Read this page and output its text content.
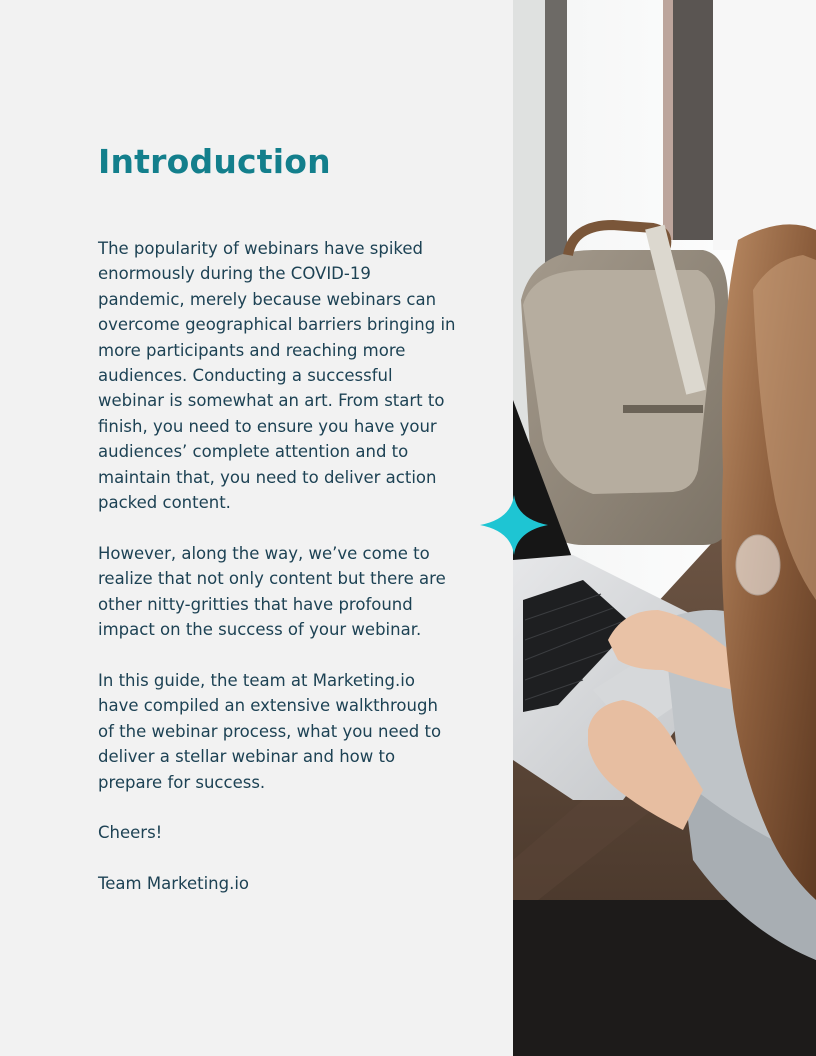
Introduction

The popularity of webinars have spiked enormously during the COVID-19 pandemic, merely because webinars can overcome geographical barriers bringing in more participants and reaching more audiences. Conducting a successful webinar is somewhat an art. From start to finish, you need to ensure you have your audiences’ complete attention and to maintain that, you need to deliver action packed content.

However, along the way, we’ve come to realize that not only content but there are other nitty-gritties that have profound impact on the success of your webinar.

In this guide, the team at Marketing.io have compiled an extensive walkthrough of the webinar process, what you need to deliver a stellar webinar and how to prepare for success.

Cheers!

Team Marketing.io
